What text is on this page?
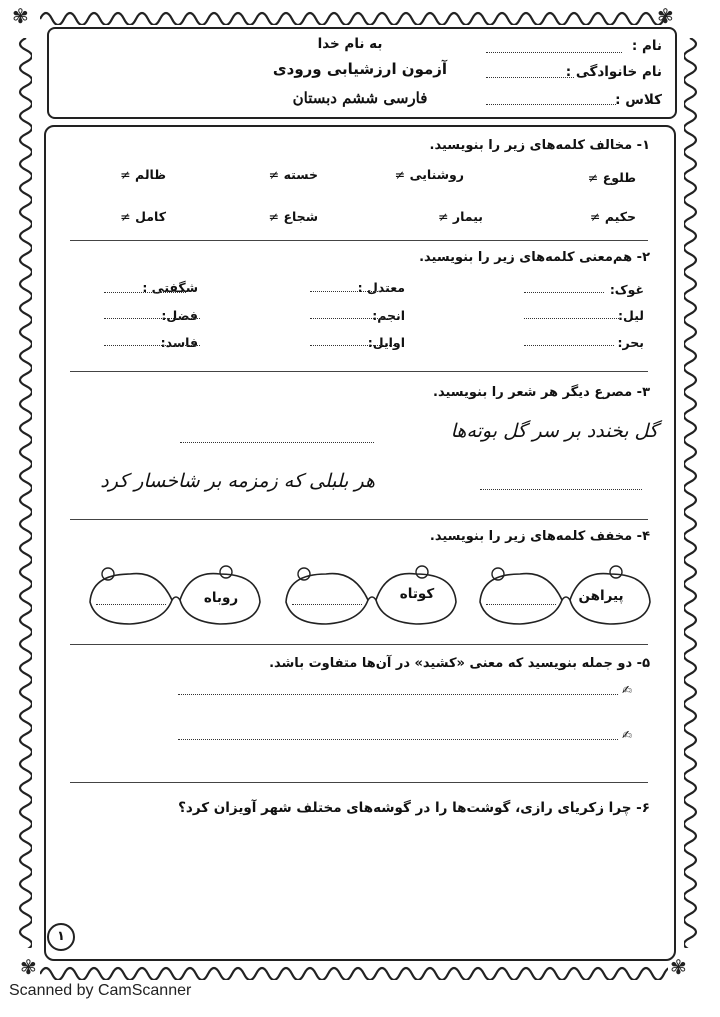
✾	✾
✾	✾
به نام خدا
آزمون ارزشیابی ورودی
فارسی ششم دبستان
نام :
نام خانوادگی :
کلاس :
۱- مخالف کلمه‌های زیر را بنویسید.
طلوع ≠
روشنایی ≠
خسته ≠
ظالم ≠
حکیم ≠
بیمار ≠
شجاع ≠
کامل ≠
۲- هم‌معنی کلمه‌های زیر را بنویسید.
غوک:
لیل:
بحر:
معتدل :
انجم:
اوایل:
شگفتی :
فضل:
فاسد:
۳- مصرع دیگر هر شعر را بنویسید.
گل بخندد بر سر گل بوته‌ها
هر بلبلی که زمزمه بر شاخسار کرد
۴- مخفف کلمه‌های زیر را بنویسید.
پیراهن
کوتاه
روباه
۵- دو جمله بنویسید که معنی «کشید» در آن‌ها متفاوت باشد.
✍
✍
۶- چرا زکریای رازی، گوشت‌ها را در گوشه‌های مختلف شهر آویزان کرد؟
۱
Scanned by CamScanner
